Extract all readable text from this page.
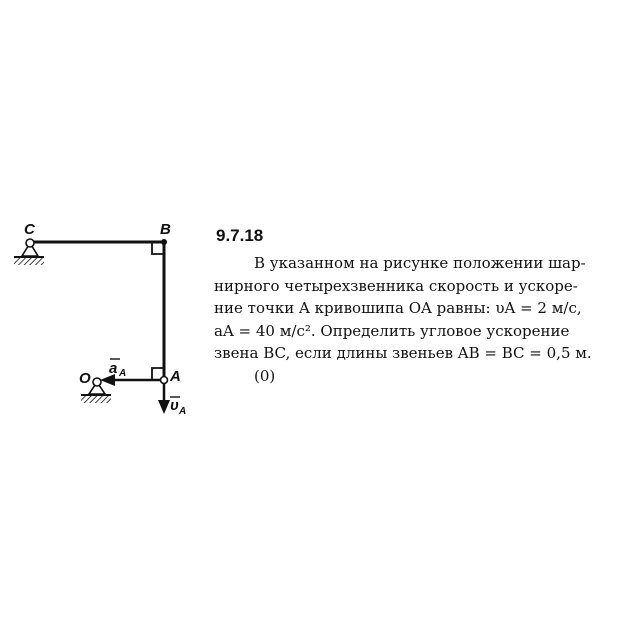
C	B
A
O
a A
υ A
9.7.18
В указанном на рисунке положении шар-
нирного четырехзвенника скорость и ускоре-
ние точки A кривошипа OA равны: υA = 2 м/с,
aA = 40 м/с². Определить угловое ускорение
звена BC, если длины звеньев AB = BC = 0,5 м.
(0)
